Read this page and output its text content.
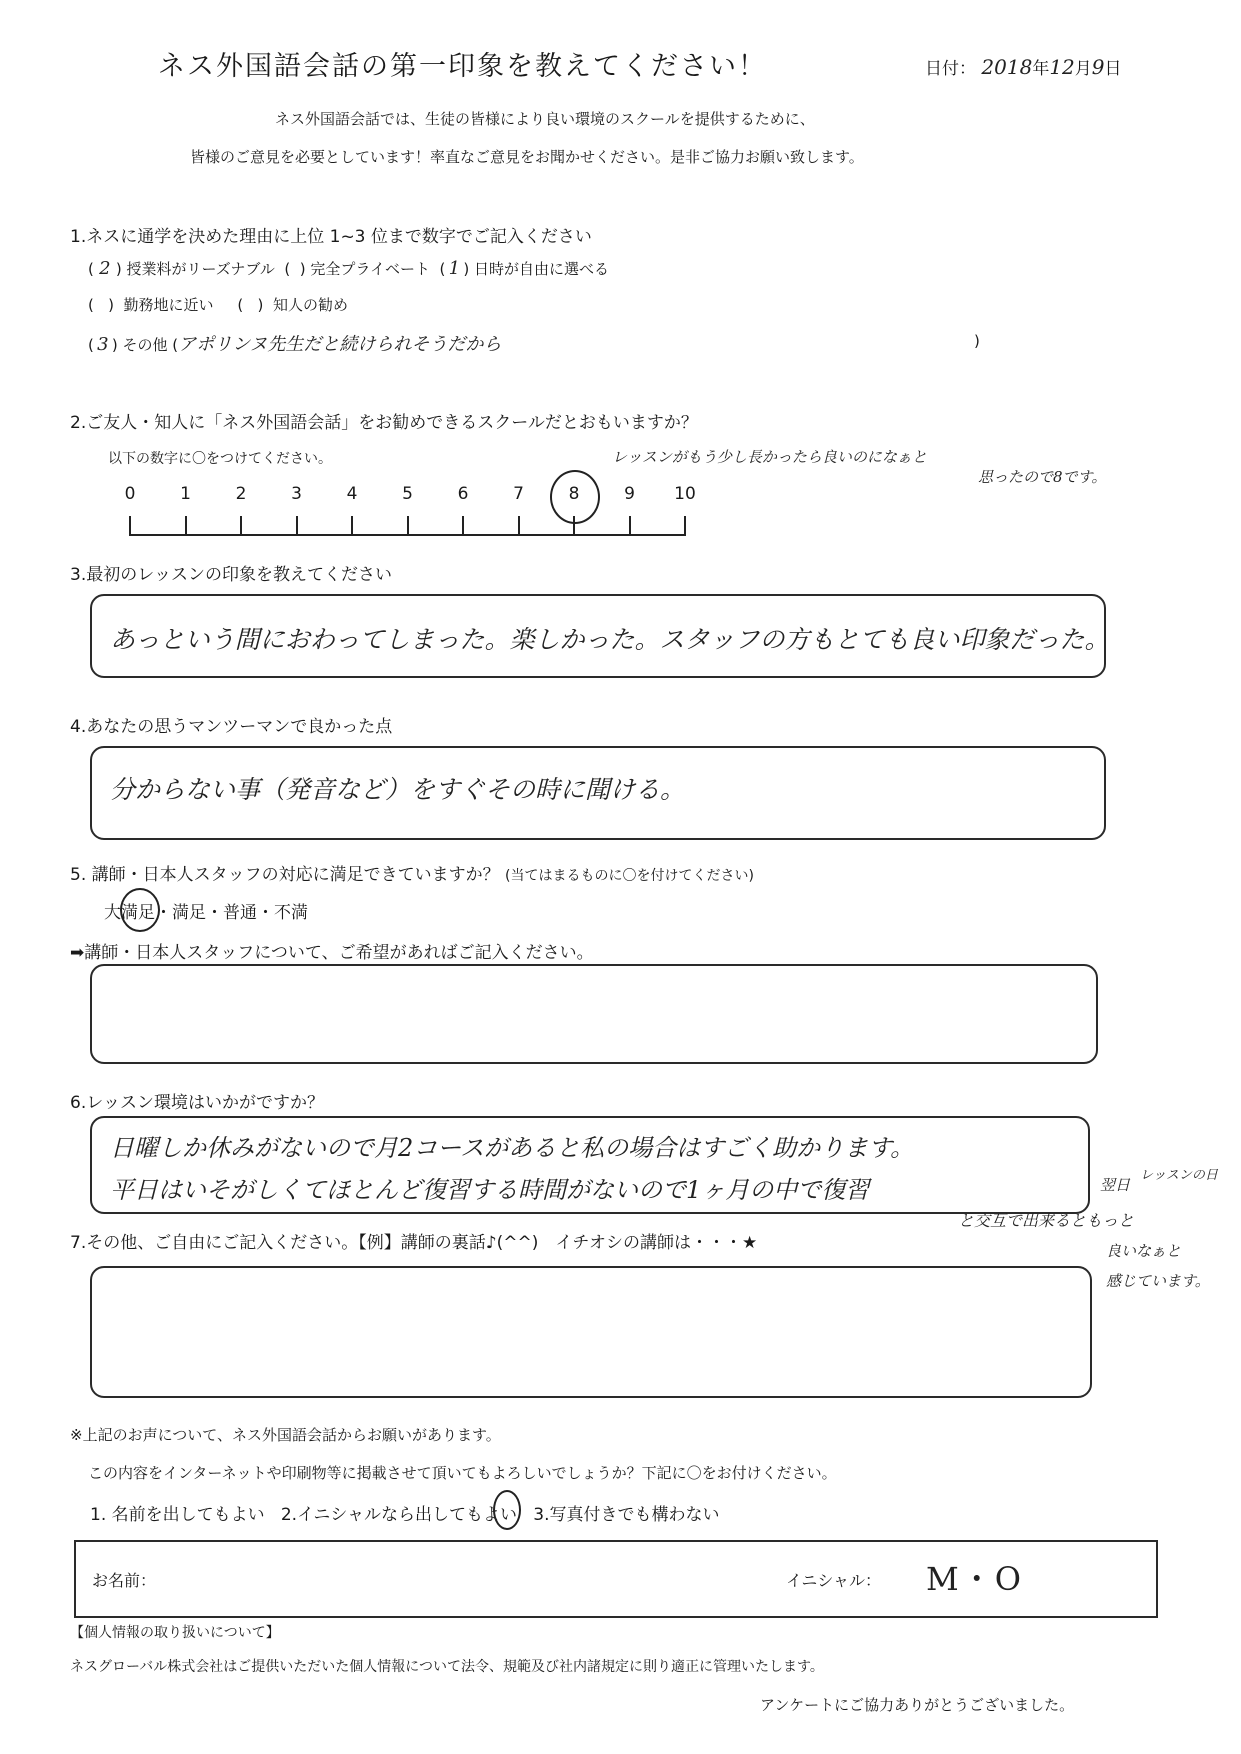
ネス外国語会話の第一印象を教えてください！	日付： 2018年12月9日
ネス外国語会話では、生徒の皆様により良い環境のスクールを提供するために、
皆様のご意見を必要としています！率直なご意見をお聞かせください。是非ご協力お願い致します。
1.ネスに通学を決めた理由に上位 1~3 位まで数字でご記入ください
( 2 ) 授業料がリーズナブル  (  ) 完全プライベート  ( 1 ) 日時が自由に選べる
(   )  勤務地に近い     (   )  知人の勧め
( 3 ) その他 (アポリンヌ先生だと続けられそうだから	)
2.ご友人・知人に「ネス外国語会話」をお勧めできるスクールだとおもいますか？
以下の数字に〇をつけてください。
0	1	2	3	4	5	6	7	8	9	10
レッスンがもう少し長かったら良いのになぁと
思ったので8です。
3.最初のレッスンの印象を教えてください
あっという間におわってしまった。楽しかった。スタッフの方もとても良い印象だった。
4.あなたの思うマンツーマンで良かった点
分からない事（発音など）をすぐその時に聞ける。
5. 講師・日本人スタッフの対応に満足できていますか？ (当てはまるものに〇を付けてください)
大満足・満足・普通・不満
➡講師・日本人スタッフについて、ご希望があればご記入ください。
6.レッスン環境はいかがですか？
日曜しか休みがないので月2コースがあると私の場合はすごく助かります。
平日はいそがしくてほとんど復習する時間がないので1ヶ月の中で復習	翌日
レッスンの日
と交互で出来るともっと
良いなぁと
感じています。
7.その他、ご自由にご記入ください。【例】講師の裏話♪(^^)　イチオシの講師は・・・★
※上記のお声について、ネス外国語会話からお願いがあります。
この内容をインターネットや印刷物等に掲載させて頂いてもよろしいでしょうか？下記に〇をお付けください。
1. 名前を出してもよい 2.イニシャルなら出してもよい 3.写真付きでも構わない
お名前：	イニシャル： M・O
【個人情報の取り扱いについて】
ネスグローバル株式会社はご提供いただいた個人情報について法令、規範及び社内諸規定に則り適正に管理いたします。
アンケートにご協力ありがとうございました。
